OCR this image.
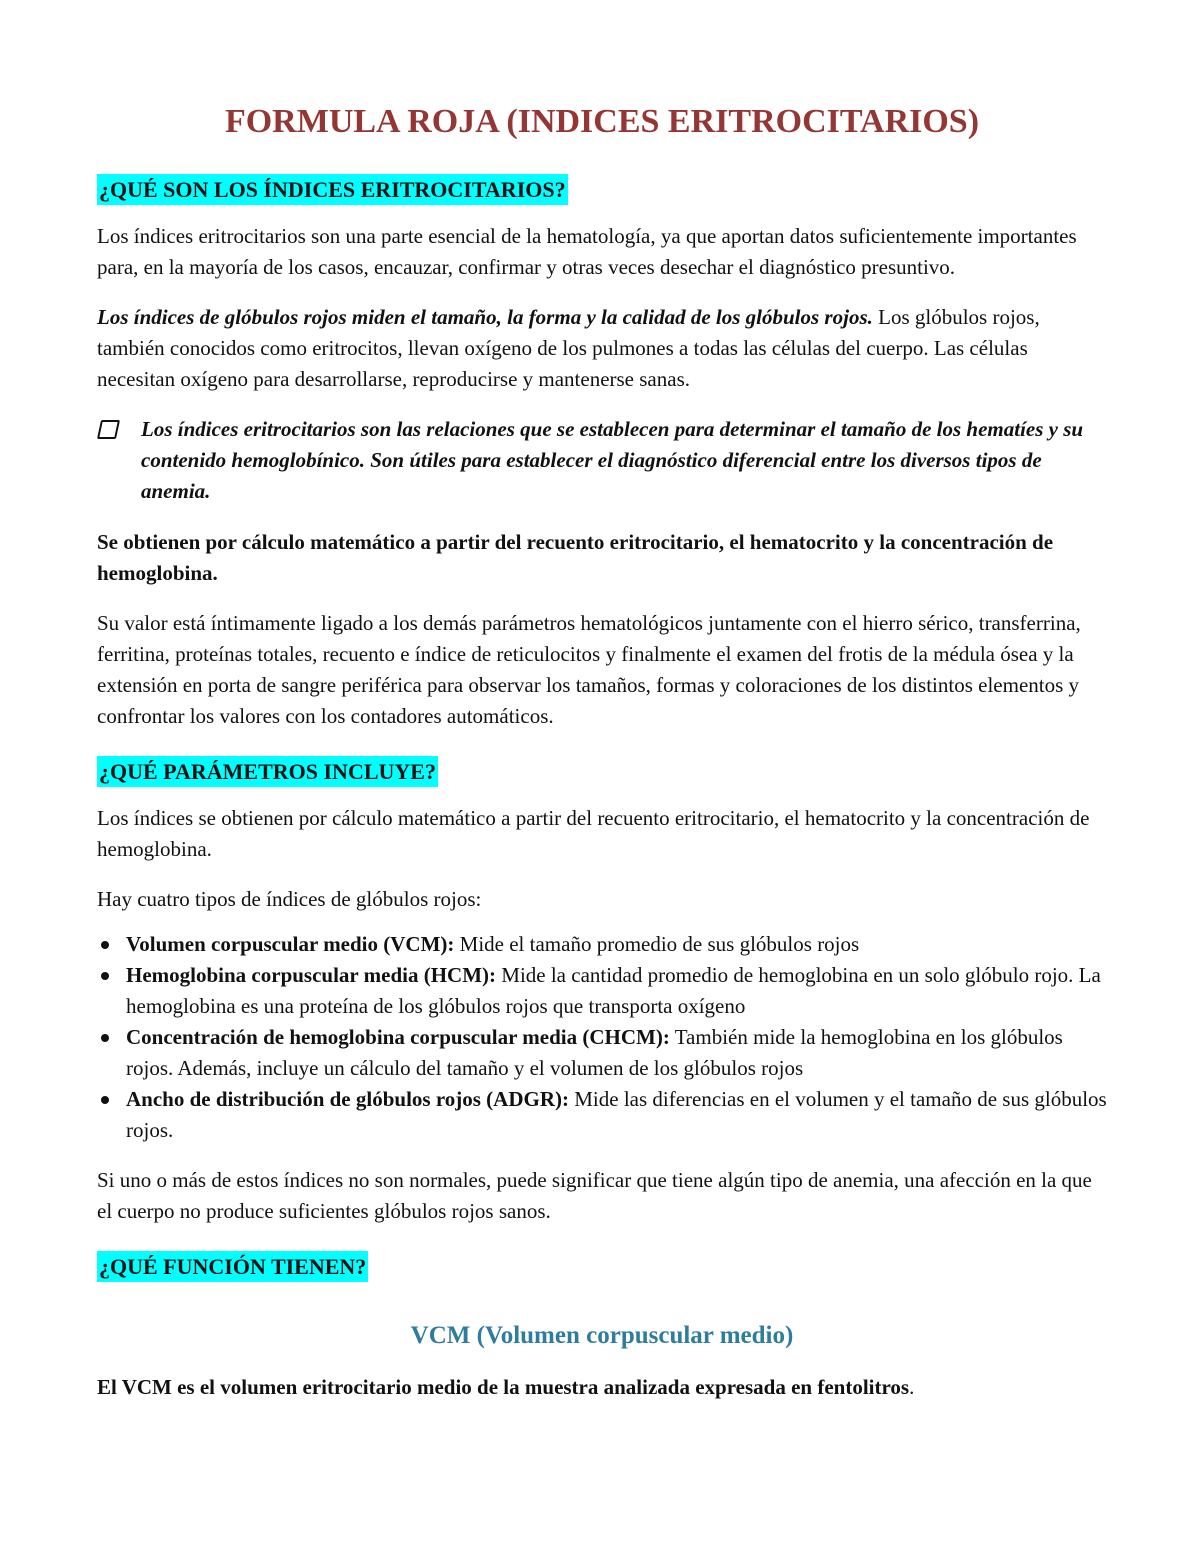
FORMULA ROJA (INDICES ERITROCITARIOS)
¿QUÉ SON LOS ÍNDICES ERITROCITARIOS?

Los índices eritrocitarios son una parte esencial de la hematología, ya que aportan datos suficientemente importantes para, en la mayoría de los casos, encauzar, confirmar y otras veces desechar el diagnóstico presuntivo.

Los índices de glóbulos rojos miden el tamaño, la forma y la calidad de los glóbulos rojos. Los glóbulos rojos, también conocidos como eritrocitos, llevan oxígeno de los pulmones a todas las células del cuerpo. Las células necesitan oxígeno para desarrollarse, reproducirse y mantenerse sanas.

Los índices eritrocitarios son las relaciones que se establecen para determinar el tamaño de los hematíes y su contenido hemoglobínico. Son útiles para establecer el diagnóstico diferencial entre los diversos tipos de anemia.

Se obtienen por cálculo matemático a partir del recuento eritrocitario, el hematocrito y la concentración de hemoglobina.

Su valor está íntimamente ligado a los demás parámetros hematológicos juntamente con el hierro sérico, transferrina, ferritina, proteínas totales, recuento e índice de reticulocitos y finalmente el examen del frotis de la médula ósea y la extensión en porta de sangre periférica para observar los tamaños, formas y coloraciones de los distintos elementos y confrontar los valores con los contadores automáticos.

¿QUÉ PARÁMETROS INCLUYE?

Los índices se obtienen por cálculo matemático a partir del recuento eritrocitario, el hematocrito y la concentración de hemoglobina.

Hay cuatro tipos de índices de glóbulos rojos:

Volumen corpuscular medio (VCM): Mide el tamaño promedio de sus glóbulos rojos
Hemoglobina corpuscular media (HCM): Mide la cantidad promedio de hemoglobina en un solo glóbulo rojo. La hemoglobina es una proteína de los glóbulos rojos que transporta oxígeno
Concentración de hemoglobina corpuscular media (CHCM): También mide la hemoglobina en los glóbulos rojos. Además, incluye un cálculo del tamaño y el volumen de los glóbulos rojos
Ancho de distribución de glóbulos rojos (ADGR): Mide las diferencias en el volumen y el tamaño de sus glóbulos rojos.

Si uno o más de estos índices no son normales, puede significar que tiene algún tipo de anemia, una afección en la que el cuerpo no produce suficientes glóbulos rojos sanos.

¿QUÉ FUNCIÓN TIENEN?
VCM (Volumen corpuscular medio)

El VCM es el volumen eritrocitario medio de la muestra analizada expresada en fentolitros.
